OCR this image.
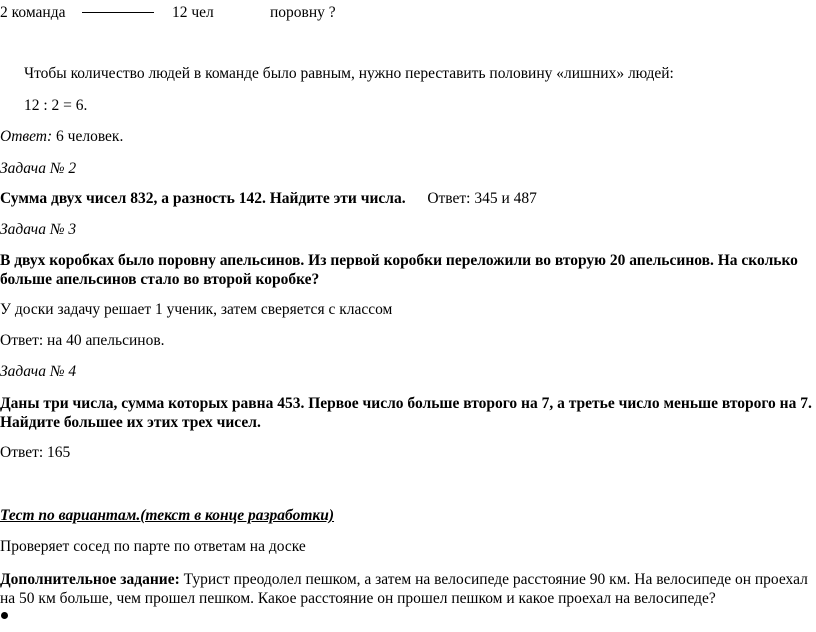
2 команда	12 чел	поровну ?
Чтобы количество людей в команде было равным, нужно переставить половину «лишних» людей:
12 : 2 = 6.
Ответ: 6 человек.
Задача № 2
Сумма двух чисел 832, а разность 142. Найдите эти числа. Ответ: 345 и 487
Задача № 3
В двух коробках было поровну апельсинов. Из первой коробки переложили во вторую 20 апельсинов. На сколько больше апельсинов стало во второй коробке?
У доски задачу решает 1 ученик, затем сверяется с классом
Ответ: на 40 апельсинов.
Задача № 4
Даны три числа, сумма которых равна 453. Первое число больше второго на 7, а третье число меньше второго на 7. Найдите большее их этих трех чисел.
Ответ: 165
Тест по вариантам.(текст в конце разработки)
Проверяет сосед по парте по ответам на доске
Дополнительное задание: Турист преодолел пешком, а затем на велосипеде расстояние 90 км. На велосипеде он проехал на 50 км больше, чем прошел пешком. Какое расстояние он прошел пешком и какое проехал на велосипеде?
